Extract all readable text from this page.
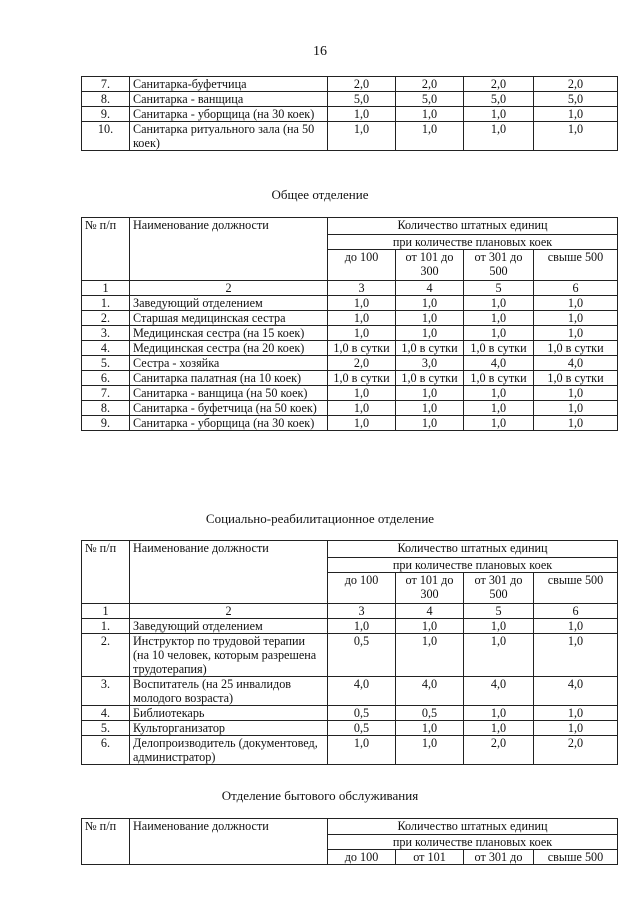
16
7.	Санитарка-буфетчица	2,0	2,0	2,0	2,0
8.	Санитарка - ванщица	5,0	5,0	5,0	5,0
9.	Санитарка - уборщица (на 30 коек)	1,0	1,0	1,0	1,0
10.	Санитарка ритуального зала (на 50 коек)	1,0	1,0	1,0	1,0
Общее отделение
№ п/п	Наименование должности	Количество штатных единиц			
		при количестве плановых коек			
		до 100	от 101 до 300	от 301 до 500	свыше 500
1	2	3	4	5	6
1.	Заведующий отделением	1,0	1,0	1,0	1,0
2.	Старшая медицинская сестра	1,0	1,0	1,0	1,0
3.	Медицинская сестра (на 15 коек)	1,0	1,0	1,0	1,0
4.	Медицинская сестра (на 20 коек)	1,0 в сутки	1,0 в сутки	1,0 в сутки	1,0 в сутки
5.	Сестра - хозяйка	2,0	3,0	4,0	4,0
6.	Санитарка палатная (на 10 коек)	1,0 в сутки	1,0 в сутки	1,0 в сутки	1,0 в сутки
7.	Санитарка - ванщица (на 50 коек)	1,0	1,0	1,0	1,0
8.	Санитарка - буфетчица (на 50 коек)	1,0	1,0	1,0	1,0
9.	Санитарка - уборщица (на 30 коек)	1,0	1,0	1,0	1,0
Социально-реабилитационное отделение
№ п/п	Наименование должности	Количество штатных единиц			
		при количестве плановых коек			
		до 100	от 101 до 300	от 301 до 500	свыше 500
1	2	3	4	5	6
1.	Заведующий отделением	1,0	1,0	1,0	1,0
2.	Инструктор по трудовой терапии (на 10 человек, которым разрешена трудотерапия)	0,5	1,0	1,0	1,0
3.	Воспитатель (на 25 инвалидов молодого возраста)	4,0	4,0	4,0	4,0
4.	Библиотекарь	0,5	0,5	1,0	1,0
5.	Культорганизатор	0,5	1,0	1,0	1,0
6.	Делопроизводитель (документовед, администратор)	1,0	1,0	2,0	2,0
Отделение бытового обслуживания
№ п/п	Наименование должности	Количество штатных единиц			
		при количестве плановых коек			
		до 100	от 101	от 301 до	свыше 500
